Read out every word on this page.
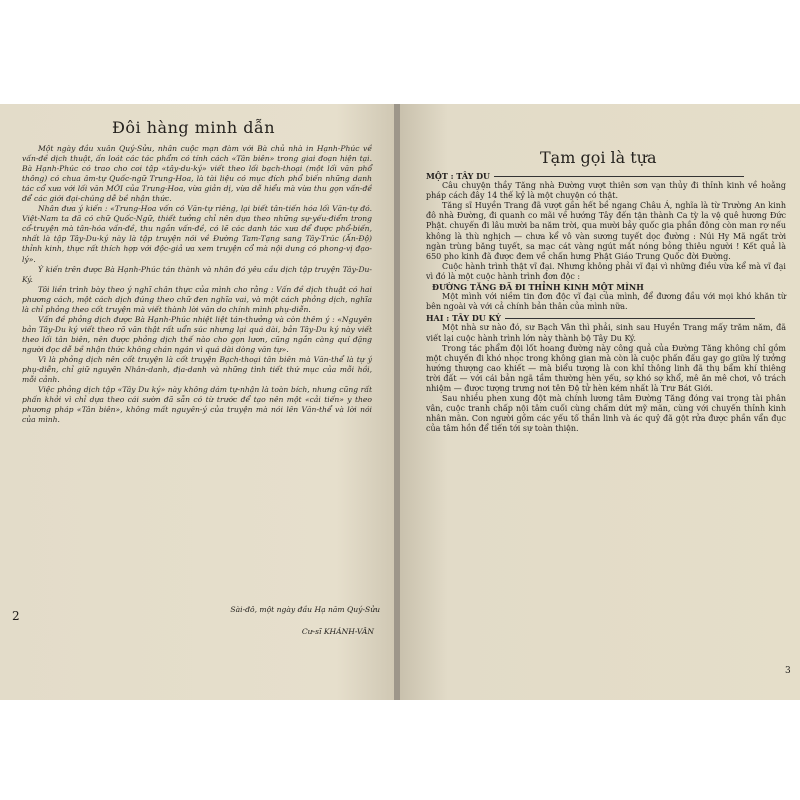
Đôi hàng minh dẫn

Một ngày đầu xuân Quý-Sửu, nhân cuộc mạn đàm với Bà chủ nhà in Hạnh-Phúc về vấn-đề dịch thuật, ấn loát các tác phẩm có tính cách «Tân biên» trong giai đoạn hiện tại. Bà Hạnh-Phúc có trao cho coi tập «tây-du-ký» viết theo lối bạch-thoại (một lối văn phổ thông) có chua âm-tự Quốc-ngữ Trung-Hoa, là tài liệu có mục đích phổ biến những danh tác cổ xưa với lối văn MỚI của Trung-Hoa, vừa giản dị, vừa dễ hiểu mà vừa thu gọn vấn-đề để các giới đại-chúng dễ bề nhận thức.

Nhân đưa ý kiến : «Trung-Hoa vốn có Văn-tự riêng, lại biết tân-tiến hóa lối Văn-tự đó. Việt-Nam ta đã có chữ Quốc-Ngữ, thiết tưởng chỉ nên dựa theo những sự-yếu-điểm trong cổ-truyện mà tân-hóa vấn-đề, thu ngắn vấn-đề, có lẽ các danh tác xưa để được phổ-biến, nhất là tập Tây-Du-ký này là tập truyện nói về Đường Tam-Tạng sang Tây-Trúc (Ấn-Độ) thỉnh kinh, thực rất thích hợp với độc-giả ưa xem truyện cổ mà nội dung có phong-vị đạo-lý».

Ý kiến trên được Bà Hạnh-Phúc tán thành và nhân đó yêu cầu dịch tập truyện Tây-Du-Ký.

Tôi liền trình bày theo ý nghĩ chân thực của mình cho rằng : Vấn đề dịch thuật có hai phương cách, một cách dịch đúng theo chữ đen nghĩa vai, và một cách phỏng dịch, nghĩa là chỉ phỏng theo cốt truyện mà viết thành lời văn do chính mình phụ-diễn.

Vấn đề phỏng dịch được Bà Hạnh-Phúc nhiệt liệt tán-thưởng và còn thêm ý : «Nguyên bản Tây-Du ký viết theo rõ văn thật rất uẩn súc nhưng lại quá dài, bản Tây-Du ký này viết theo lối tân biên, nên được phỏng dịch thế nào cho gọn lươn, cũng ngắn càng quí đặng người đọc dễ bề nhận thức không chán ngán vì quá dài dòng văn tự».

Vì là phỏng dịch nên cốt truyện là cốt truyện Bạch-thoại tân biên mà Văn-thể là tự ý phụ-diễn, chỉ giữ nguyên Nhân-danh, địa-danh và những tình tiết thứ mục của mỗi hồi, mỗi cảnh.

Việc phỏng dịch tập «Tây Du ký» này không dám tự-nhận là toàn bích, nhưng cũng rất phấn khởi vì chỉ dựa theo cái sườn đã sẵn có từ trước để tạo nên một «cải tiến» y theo phương pháp «Tân biên», không mất nguyên-ý của truyện mà nói lên Văn-thể và lời nói của mình.

Sài-đô, một ngày đầu Hạ năm Quý-Sửu
Cư-sĩ KHÁNH-VÂN
2
Tạm gọi là tựa

MỘT : TÂY DU

Câu chuyện thầy Tăng nhà Đường vượt thiên sơn vạn thủy đi thỉnh kinh về hoằng pháp cách đây 14 thế kỷ là một chuyện có thật.

Tăng sĩ Huyền Trang đã vượt gần hết bề ngang Châu Á, nghĩa là từ Trường An kinh đô nhà Đường, đi quanh co mãi về hướng Tây đến tận thành Ca tỳ la vệ quê hương Đức Phật. chuyến đi lâu mười ba năm trời, qua mười bảy quốc gia phần đông còn man rợ nếu không là thù nghịch — chưa kể vô vàn sương tuyết dọc đường : Núi Hy Mã ngất trời ngàn trùng băng tuyết, sa mạc cát vàng ngút mắt nóng bỏng thiêu người ! Kết quả là 650 pho kinh đã được đem về chấn hưng Phật Giáo Trung Quốc đời Đường.

Cuộc hành trình thật vĩ đại. Nhưng không phải vĩ đại vì những điều vừa kể mà vĩ đại vì đó là một cuộc hành trình đơn độc :

ĐƯỜNG TĂNG ĐÃ ĐI THỈNH KINH MỘT MÌNH

Một mình với niềm tin đơn độc vĩ đại của mình, để đương đầu với mọi khó khăn từ bên ngoài và với cả chính bản thân của mình nữa.

HAI : TÂY DU KÝ

Một nhà sư nào đó, sư Bạch Vân thì phải, sinh sau Huyền Trang mấy trăm năm, đã viết lại cuộc hành trình lớn này thành bộ Tây Du Ký.

Trong tác phẩm đội lốt hoang đường này công quả của Đường Tăng không chỉ gồm một chuyến đi khó nhọc trong không gian mà còn là cuộc phấn đấu gay go giữa lý tưởng hướng thượng cao khiết — mà biểu tượng là con khỉ thông linh đã thụ bẩm khí thiêng trời đất — với cái bản ngã tầm thường hèn yếu, sợ khó sợ khổ, mê ăn mê chơi, vô trách nhiệm — được tượng trưng nơi tên Đệ tử hèn kém nhất là Trư Bát Giới.

Sau nhiều phen xung đột mà chính lương tâm Đường Tăng đóng vai trọng tài phân vân, cuộc tranh chấp nội tâm cuối cùng chấm dứt mỹ mãn, cùng với chuyến thỉnh kinh nhân mãn. Con người gồm các yếu tố thần linh và ác quỷ đã gột rửa được phần vẩn đục của tâm hồn để tiến tới sự toàn thiện.

3
